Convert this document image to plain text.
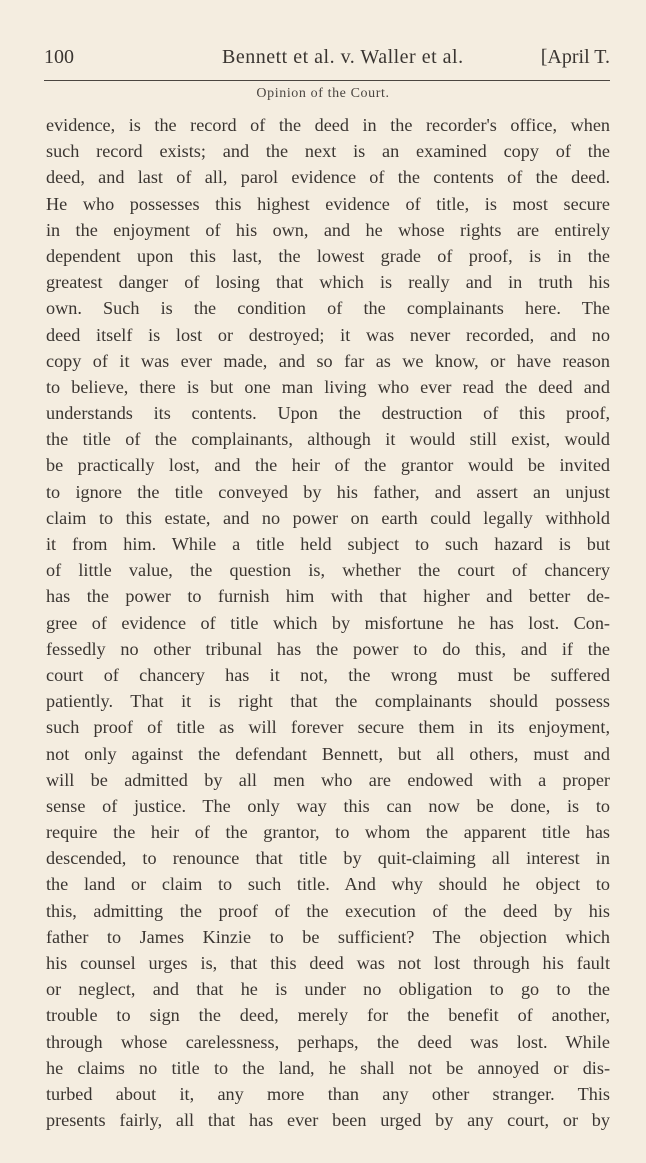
100	Bennett et al. v. Waller et al.	[April T.
Opinion of the Court.
evidence, is the record of the deed in the recorder's office, when
such record exists; and the next is an examined copy of the
deed, and last of all, parol evidence of the contents of the deed.
He who possesses this highest evidence of title, is most secure
in the enjoyment of his own, and he whose rights are entirely
dependent upon this last, the lowest grade of proof, is in the
greatest danger of losing that which is really and in truth his
own. Such is the condition of the complainants here. The
deed itself is lost or destroyed; it was never recorded, and no
copy of it was ever made, and so far as we know, or have reason
to believe, there is but one man living who ever read the deed and
understands its contents. Upon the destruction of this proof,
the title of the complainants, although it would still exist, would
be practically lost, and the heir of the grantor would be invited
to ignore the title conveyed by his father, and assert an unjust
claim to this estate, and no power on earth could legally withhold
it from him. While a title held subject to such hazard is but
of little value, the question is, whether the court of chancery
has the power to furnish him with that higher and better de-
gree of evidence of title which by misfortune he has lost. Con-
fessedly no other tribunal has the power to do this, and if the
court of chancery has it not, the wrong must be suffered
patiently. That it is right that the complainants should possess
such proof of title as will forever secure them in its enjoyment,
not only against the defendant Bennett, but all others, must and
will be admitted by all men who are endowed with a proper
sense of justice. The only way this can now be done, is to
require the heir of the grantor, to whom the apparent title has
descended, to renounce that title by quit-claiming all interest in
the land or claim to such title. And why should he object to
this, admitting the proof of the execution of the deed by his
father to James Kinzie to be sufficient? The objection which
his counsel urges is, that this deed was not lost through his fault
or neglect, and that he is under no obligation to go to the
trouble to sign the deed, merely for the benefit of another,
through whose carelessness, perhaps, the deed was lost. While
he claims no title to the land, he shall not be annoyed or dis-
turbed about it, any more than any other stranger. This
presents fairly, all that has ever been urged by any court, or by
